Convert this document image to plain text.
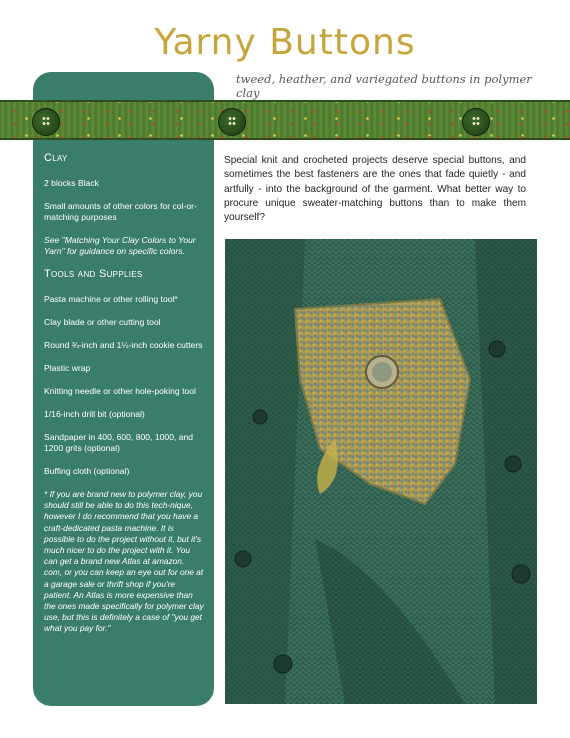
Yarny Buttons
tweed, heather, and variegated buttons in polymer clay
Clay
2 blocks Black
Small amounts of other colors for col-or-matching purposes
See "Matching Your Clay Colors to Your Yarn" for guidance on specific colors.
Tools and Supplies
Pasta machine or other rolling tool*
Clay blade or other cutting tool
Round ¾-inch and 1¼-inch cookie cutters
Plastic wrap
Knitting needle or other hole-poking tool
1/16-inch drill bit (optional)
Sandpaper in 400, 600, 800, 1000, and 1200 grits (optional)
Buffing cloth (optional)
* If you are brand new to polymer clay, you should still be able to do this tech-nique, however I do recommend that you have a craft-dedicated pasta machine. It is possible to do the project without it, but it's much nicer to do the project with it. You can get a brand new Atlas at amazon. com, or you can keep an eye out for one at a garage sale or thrift shop if you're patient. An Atlas is more expensive than the ones made specifically for polymer clay use, but this is definitely a case of "you get what you pay for."
Special knit and crocheted projects deserve special buttons, and sometimes the best fasteners are the ones that fade quietly - and artfully - into the background of the garment. What better way to procure unique sweater-matching buttons than to make them yourself?
